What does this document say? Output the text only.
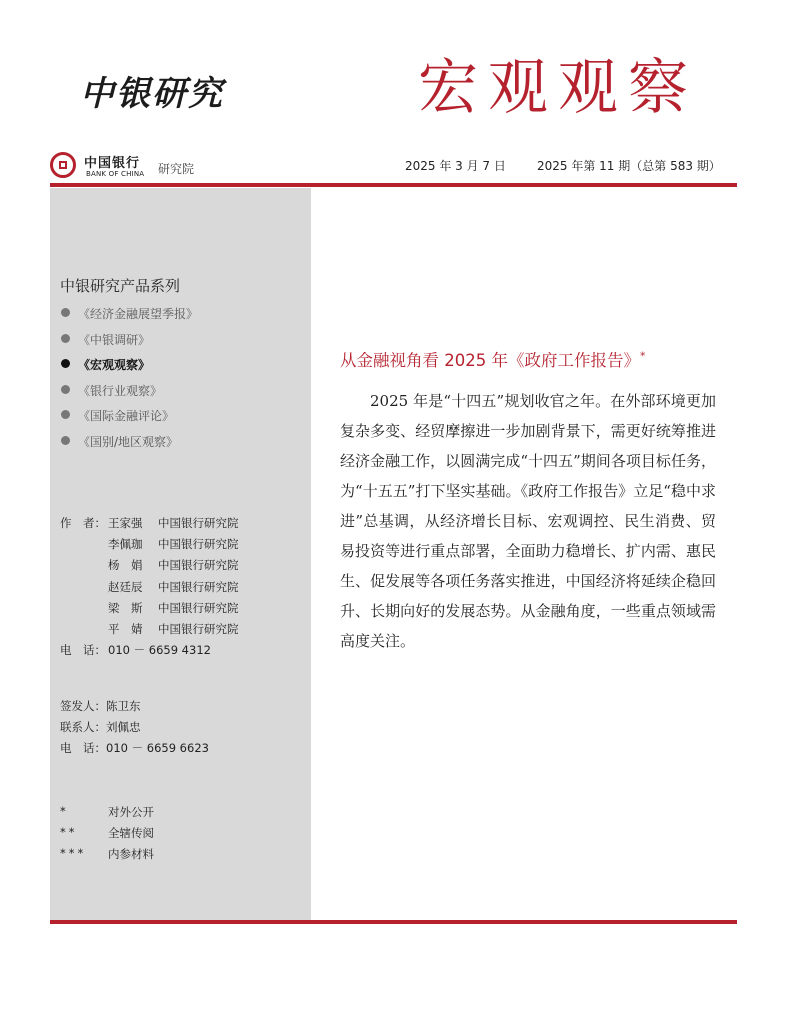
中银研究	宏观观察
中国银行
BANK OF CHINA 研究院	2025 年 3 月 7 日	2025 年第 11 期（总第 583 期）
中银研究产品系列
《经济金融展望季报》
《中银调研》
《宏观观察》
《银行业观察》
《国际金融评论》
《国别/地区观察》
作　者： 王家强	中国银行研究院
李佩珈	中国银行研究院
杨　娟	中国银行研究院
赵廷辰	中国银行研究院
梁　斯	中国银行研究院
平　婧	中国银行研究院
电　话： 010 － 6659 4312
签发人： 陈卫东
联系人： 刘佩忠
电　话： 010 － 6659 6623
*	对外公开
**	全辖传阅
***	内参材料
从金融视角看 2025 年《政府工作报告》*
2025 年是“十四五”规划收官之年。在外部环境更加复杂多变、经贸摩擦进一步加剧背景下，需更好统筹推进经济金融工作，以圆满完成“十四五”期间各项目标任务，为“十五五”打下坚实基础。《政府工作报告》立足“稳中求进”总基调，从经济增长目标、宏观调控、民生消费、贸易投资等进行重点部署，全面助力稳增长、扩内需、惠民生、促发展等各项任务落实推进，中国经济将延续企稳回升、长期向好的发展态势。从金融角度，一些重点领域需高度关注。
